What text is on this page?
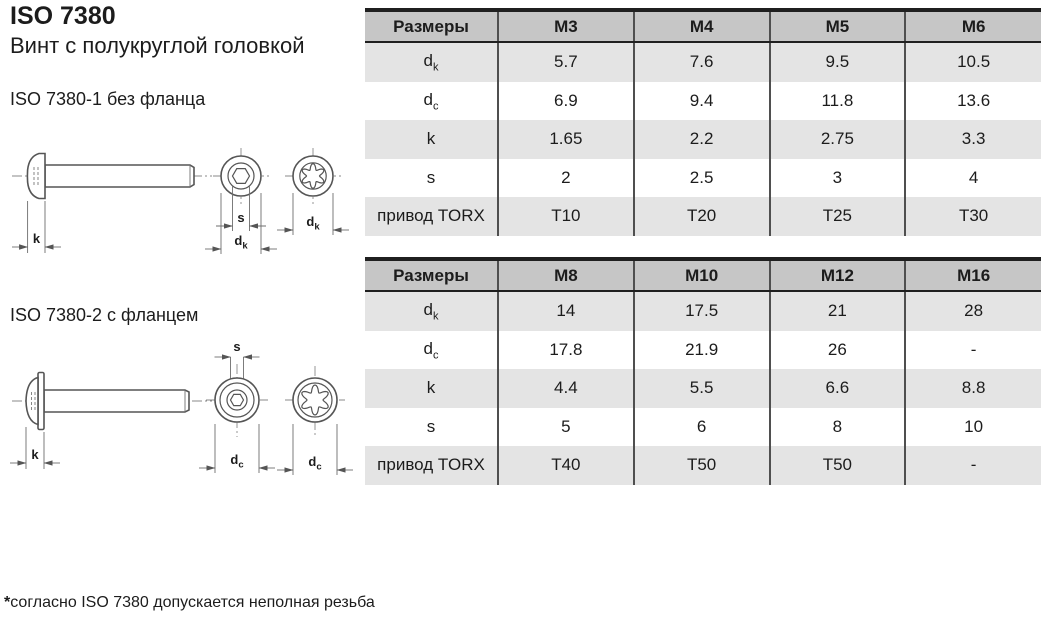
ISO 7380
Винт с полукруглой головкой
ISO 7380-1 без фланца
k
s
$d_k$
$d_k$
ISO 7380-2 с фланцем
k
s
$d_c$	$d_c$
Размеры	M3	M4	M5	M6
$d_k$	5.7	7.6	9.5	10.5
$d_c$	6.9	9.4	11.8	13.6
k	1.65	2.2	2.75	3.3
s	2	2.5	3	4
привод TORX	T10	T20	T25	T30
Размеры	M8	M10	M12	M16
$d_k$	14	17.5	21	28
$d_c$	17.8	21.9	26	-
k	4.4	5.5	6.6	8.8
s	5	6	8	10
привод TORX	T40	T50	T50	-
*согласно ISO 7380 допускается неполная резьба
